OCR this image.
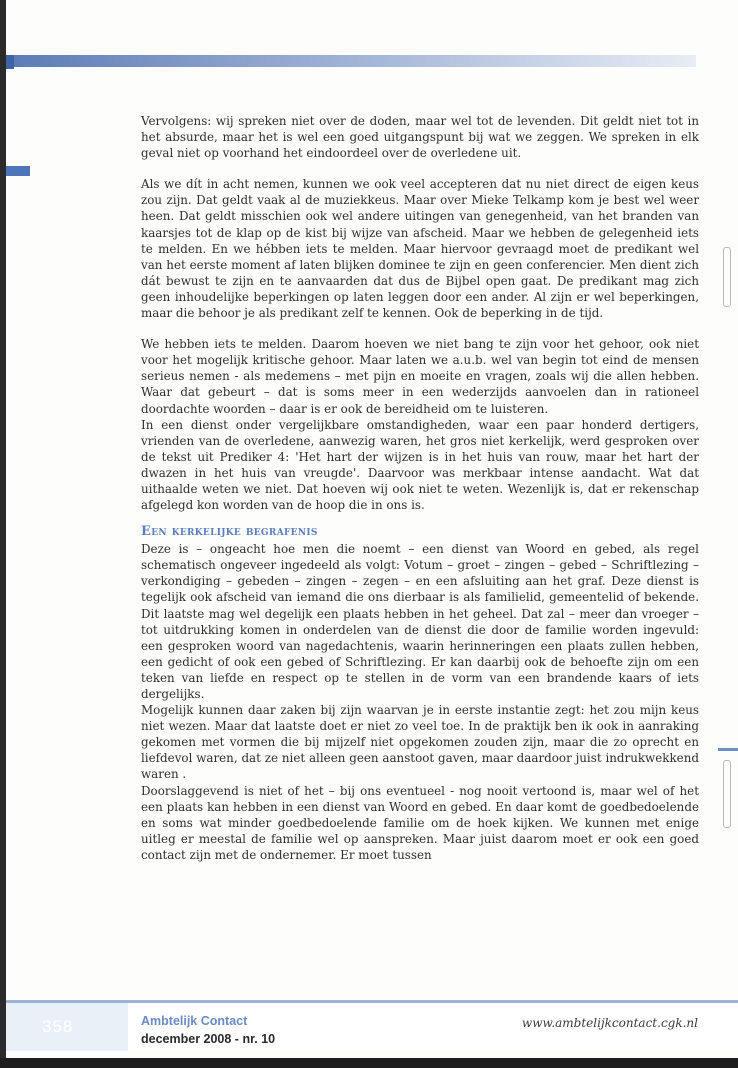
Vervolgens: wij spreken niet over de doden, maar wel tot de levenden. Dit geldt niet tot in het absurde, maar het is wel een goed uitgangspunt bij wat we zeggen. We spreken in elk geval niet op voorhand het eindoordeel over de overledene uit.

Als we dít in acht nemen, kunnen we ook veel accepteren dat nu niet direct de eigen keus zou zijn. Dat geldt vaak al de muziekkeus. Maar over Mieke Telkamp kom je best wel weer heen. Dat geldt misschien ook wel andere uitingen van genegenheid, van het branden van kaarsjes tot de klap op de kist bij wijze van afscheid. Maar we hebben de gelegenheid iets te melden. En we hébben iets te melden. Maar hiervoor gevraagd moet de predikant wel van het eerste moment af laten blijken dominee te zijn en geen conferencier. Men dient zich dát bewust te zijn en te aanvaarden dat dus de Bijbel open gaat. De predikant mag zich geen inhoudelijke beperkingen op laten leggen door een ander. Al zijn er wel beperkingen, maar die behoor je als predikant zelf te kennen. Ook de beperking in de tijd.

We hebben iets te melden. Daarom hoeven we niet bang te zijn voor het gehoor, ook niet voor het mogelijk kritische gehoor. Maar laten we a.u.b. wel van begin tot eind de mensen serieus nemen - als medemens – met pijn en moeite en vragen, zoals wij die allen hebben. Waar dat gebeurt – dat is soms meer in een wederzijds aanvoelen dan in rationeel doordachte woorden – daar is er ook de bereidheid om te luisteren.

In een dienst onder vergelijkbare omstandigheden, waar een paar honderd dertigers, vrienden van de overledene, aanwezig waren, het gros niet kerkelijk, werd gesproken over de tekst uit Prediker 4: 'Het hart der wijzen is in het huis van rouw, maar het hart der dwazen in het huis van vreugde'. Daarvoor was merkbaar intense aandacht. Wat dat uithaalde weten we niet. Dat hoeven wij ook niet te weten. Wezenlijk is, dat er rekenschap afgelegd kon worden van de hoop die in ons is.

Een kerkelijke begrafenis

Deze is – ongeacht hoe men die noemt – een dienst van Woord en gebed, als regel schematisch ongeveer ingedeeld als volgt: Votum – groet – zingen – gebed – Schriftlezing – verkondiging – gebeden – zingen – zegen – en een afsluiting aan het graf. Deze dienst is tegelijk ook afscheid van iemand die ons dierbaar is als familielid, gemeentelid of bekende. Dit laatste mag wel degelijk een plaats hebben in het geheel. Dat zal – meer dan vroeger – tot uitdrukking komen in onderdelen van de dienst die door de familie worden ingevuld: een gesproken woord van nagedachtenis, waarin herinneringen een plaats zullen hebben, een gedicht of ook een gebed of Schriftlezing. Er kan daarbij ook de behoefte zijn om een teken van liefde en respect op te stellen in de vorm van een brandende kaars of iets dergelijks.

Mogelijk kunnen daar zaken bij zijn waarvan je in eerste instantie zegt: het zou mijn keus niet wezen. Maar dat laatste doet er niet zo veel toe. In de praktijk ben ik ook in aanraking gekomen met vormen die bij mijzelf niet opgekomen zouden zijn, maar die zo oprecht en liefdevol waren, dat ze niet alleen geen aanstoot gaven, maar daardoor juist indrukwekkend waren .

Doorslaggevend is niet of het – bij ons eventueel - nog nooit vertoond is, maar wel of het een plaats kan hebben in een dienst van Woord en gebed. En daar komt de goedbedoelende en soms wat minder goedbedoelende familie om de hoek kijken. We kunnen met enige uitleg er meestal de familie wel op aanspreken. Maar juist daarom moet er ook een goed contact zijn met de ondernemer. Er moet tussen

358	Ambtelijk Contact
december 2008 - nr. 10
www.ambtelijkcontact.cgk.nl
